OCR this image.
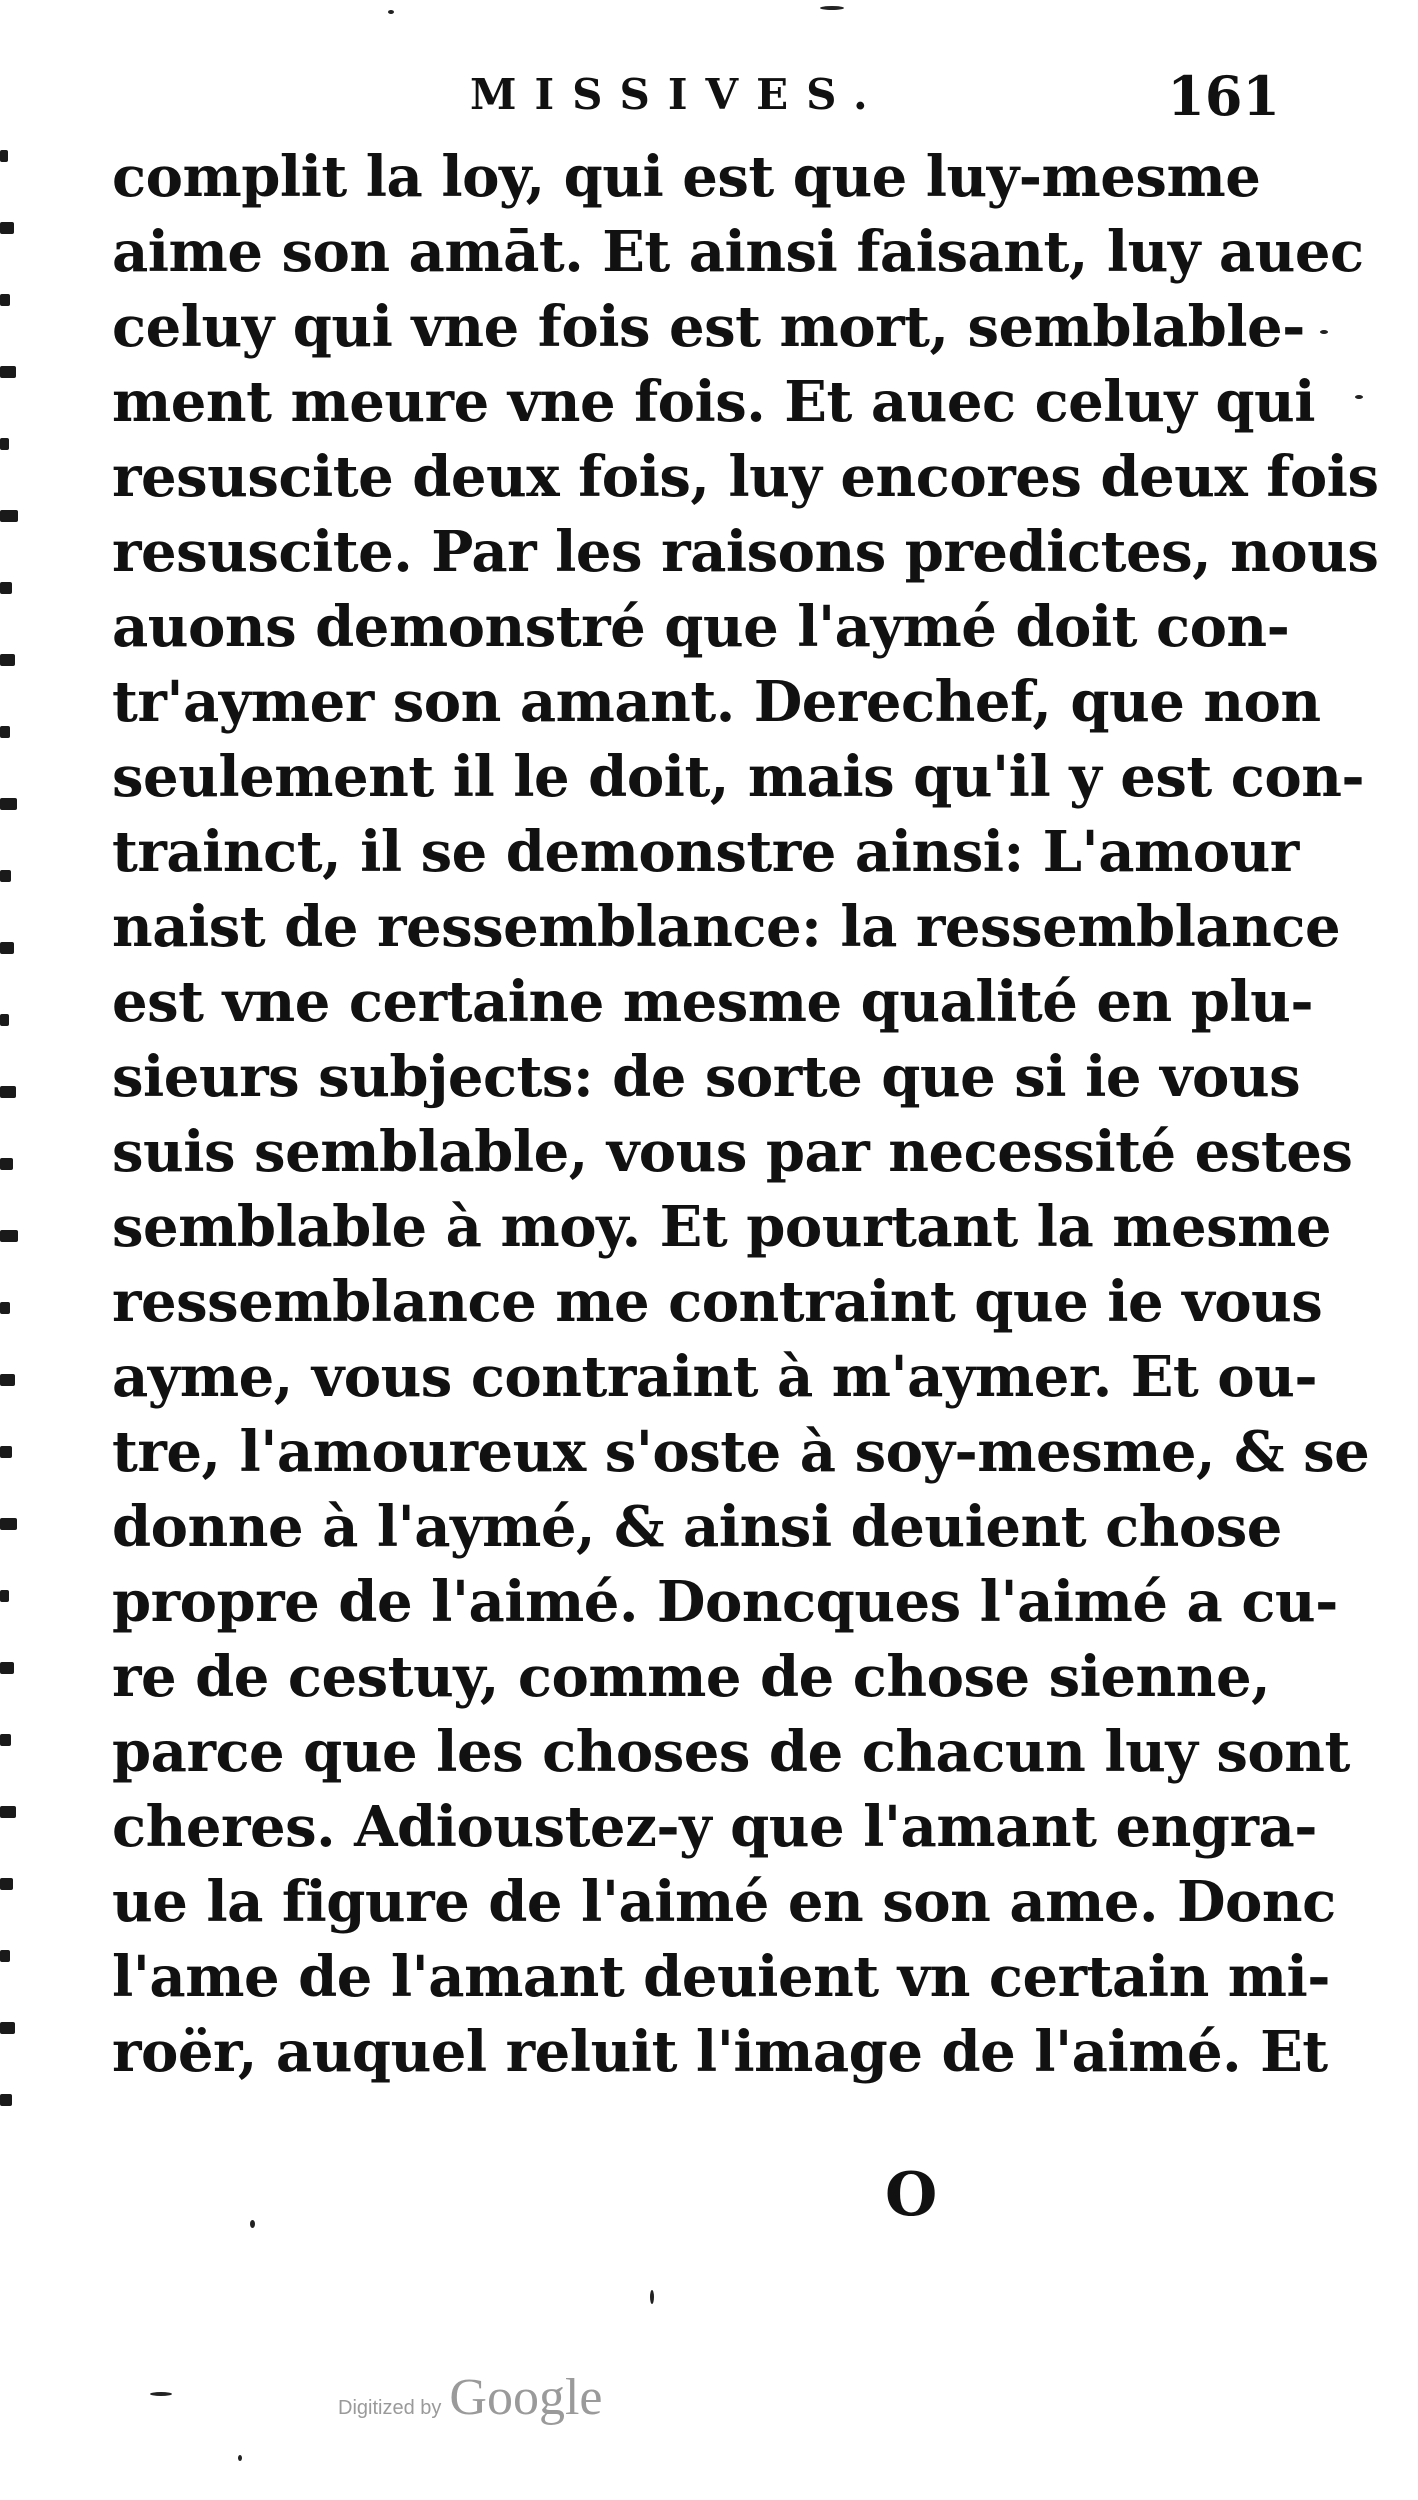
MISSIVES.	161
complit la loy, qui est que luy-mesme
aime son amāt. Et ainsi faisant, luy auec
celuy qui vne fois est mort, semblable-
ment meure vne fois. Et auec celuy qui
resuscite deux fois, luy encores deux fois
resuscite. Par les raisons predictes, nous
auons demonstré que l'aymé doit con-
tr'aymer son amant. Derechef, que non
seulement il le doit, mais qu'il y est con-
trainct, il se demonstre ainsi: L'amour
naist de ressemblance: la ressemblance
est vne certaine mesme qualité en plu-
sieurs subjects: de sorte que si ie vous
suis semblable, vous par necessité estes
semblable à moy. Et pourtant la mesme
ressemblance me contraint que ie vous
ayme, vous contraint à m'aymer. Et ou-
tre, l'amoureux s'oste à soy-mesme, & se
donne à l'aymé, & ainsi deuient chose
propre de l'aimé. Doncques l'aimé a cu-
re de cestuy, comme de chose sienne,
parce que les choses de chacun luy sont
cheres. Adioustez-y que l'amant engra-
ue la figure de l'aimé en son ame. Donc
l'ame de l'amant deuient vn certain mi-
roër, auquel reluit l'image de l'aimé. Et
O
Digitized by Google
